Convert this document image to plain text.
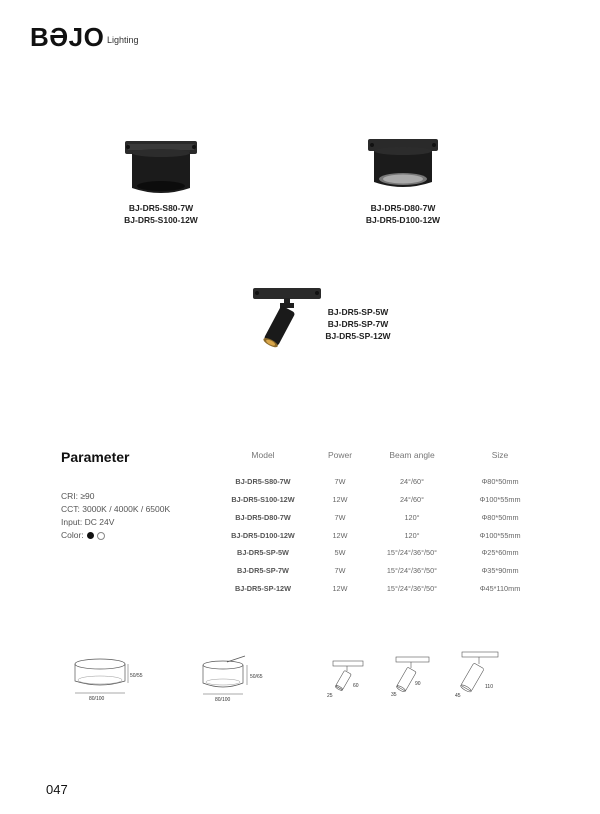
BƏJO Lighting
BJ-DR5-S80-7W
BJ-DR5-S100-12W
BJ-DR5-D80-7W
BJ-DR5-D100-12W
BJ-DR5-SP-5W
BJ-DR5-SP-7W
BJ-DR5-SP-12W
Parameter
CRI: ≥90
CCT: 3000K / 4000K / 6500K
Input: DC 24V
Color:
Model	Power	Beam angle	Size
BJ-DR5-S80-7W	7W	24°/60°	Φ80*50mm
BJ-DR5-S100-12W	12W	24°/60°	Φ100*55mm
BJ-DR5-D80-7W	7W	120°	Φ80*50mm
BJ-DR5-D100-12W	12W	120°	Φ100*55mm
BJ-DR5-SP-5W	5W	15°/24°/36°/50°	Φ25*60mm
BJ-DR5-SP-7W	7W	15°/24°/36°/50°	Φ35*90mm
BJ-DR5-SP-12W	12W	15°/24°/36°/50°	Φ45*110mm
50/55
80/100
50/65
80/100
25
60
35
90
45
110
047
